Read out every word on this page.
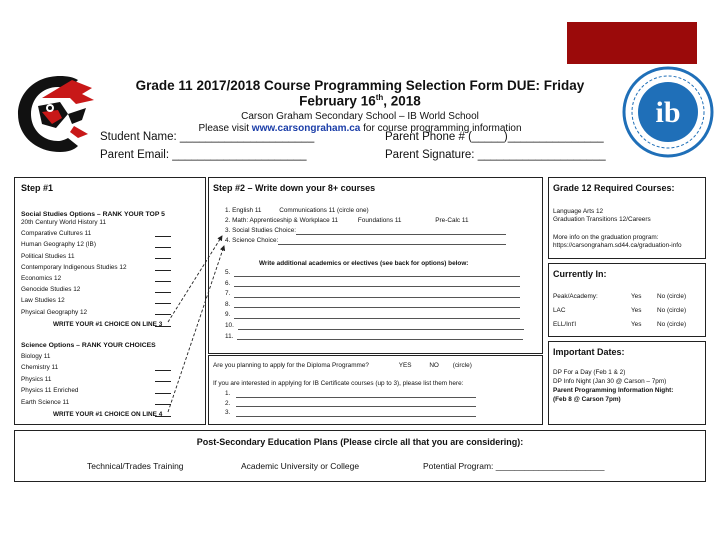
ib
Grade 11 2017/2018 Course Programming Selection Form DUE: Friday February 16th, 2018
Carson Graham Secondary School – IB World School
Please visit www.carsongraham.ca for course programming information
Student Name: _____________________
Parent Email: _____________________
Parent Phone # (_____)_______________
Parent Signature: ____________________
Step #1
Social Studies Options – RANK YOUR TOP 5
20th Century World History 11
Comparative Cultures 11
Human Geography 12 (IB)
Political Studies 11
Contemporary Indigenous Studies 12
Economics 12
Genocide Studies 12
Law Studies 12
Physical Geography 12
WRITE YOUR #1 CHOICE ON LINE 3
Science Options – RANK YOUR CHOICES
Biology 11
Chemistry 11
Physics 11
Physics 11 Enriched
Earth Science 11
WRITE YOUR #1 CHOICE ON LINE 4
Step #2 – Write down your 8+ courses
1. English 11	Communications 11 (circle one)
2. Math: Apprenticeship & Workplace 11	Foundations 11	Pre-Calc 11
3. Social Studies Choice:
4. Science Choice:
Write additional academics or electives (see back for options) below:
5.
6.
7.
8.
9.
10.
11.
Are you planning to apply for the Diploma Programme?	YES	NO (circle)
If you are interested in applying for IB Certificate courses (up to 3), please list them here:
1.
2.
3.
Grade 12 Required Courses:
Language Arts 12
Graduation Transitions 12/Careers
More info on the graduation program:
https://carsongraham.sd44.ca/graduation-info
Currently In:
Peak/Academy:	Yes No (circle)
LAC	Yes No (circle)
ELL/Int'l	Yes No (circle)
Important Dates:
DP For a Day (Feb 1 & 2)
DP Info Night (Jan 30 @ Carson – 7pm)
Parent Programming Information Night:
(Feb 8 @ Carson 7pm)
Post-Secondary Education Plans (Please circle all that you are considering):
Technical/Trades Training	Academic University or College	Potential Program: _______________________
